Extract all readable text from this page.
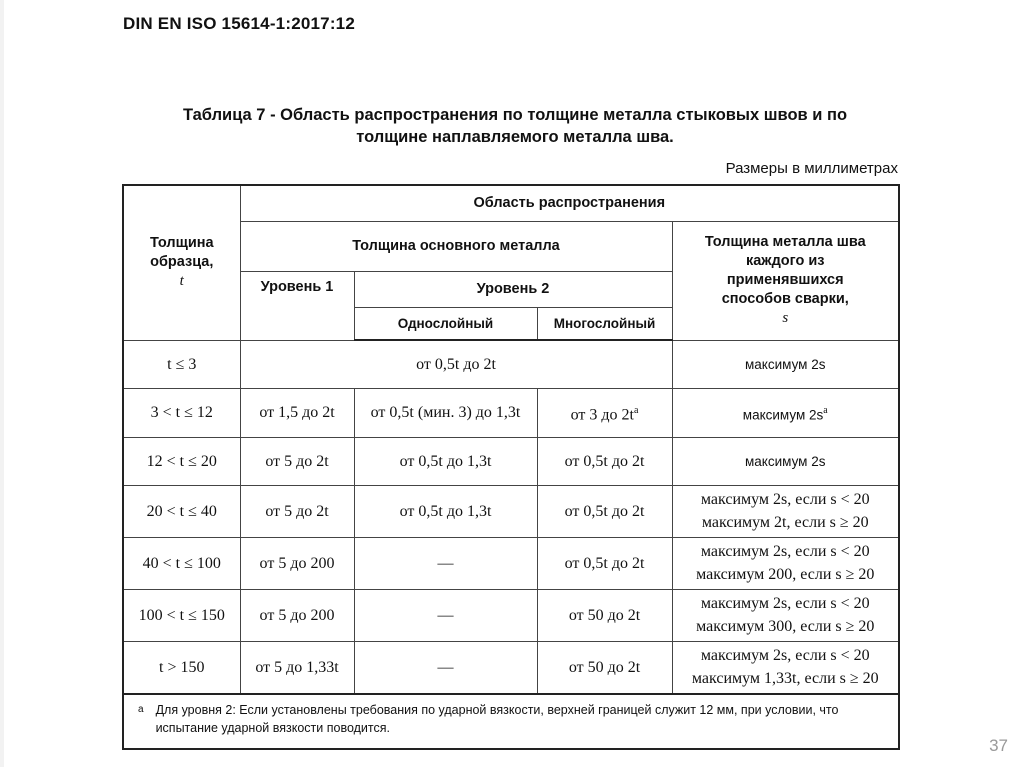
DIN EN ISO 15614-1:2017:12
Таблица 7 - Область распространения по толщине металла стыковых швов и по
толщине наплавляемого металла шва.
Размеры в миллиметрах
Толщина
образца,
t	Область распространения			
	Толщина основного металла			Толщина металла шва
каждого из
применявшихся
способов сварки,
s

	Уровень 1	Уровень 2		
		Однослойный	Многослойный	
t ≤ 3	от 0,5t до 2t			максимум 2s
3 < t ≤ 12	от 1,5 до 2t	от 0,5t (мин. 3) до 1,3t	от 3 до $2t^a$	максимум $2s^a$
12 < t ≤ 20	от 5 до 2t	от 0,5t до 1,3t	от 0,5t до 2t	максимум 2s
20 < t ≤ 40	от 5 до 2t	от 0,5t до 1,3t	от 0,5t до 2t	максимум 2s, если s < 20
максимум 2t, если s ≥ 20

40 < t ≤ 100	от 5 до 200	—	от 0,5t до 2t	максимум 2s, если s < 20
максимум 200, если s ≥ 20

100 < t ≤ 150	от 5 до 200	—	от 50 до 2t	максимум 2s, если s < 20
максимум 300, если s ≥ 20

t > 150	от 5 до 1,33t	—	от 50 до 2t	максимум 2s, если s < 20
максимум 1,33t, если s ≥ 20

$^a$ Для уровня 2: Если установлены требования по ударной вязкости, верхней границей служит 12 мм, при условии, что испытание ударной вязкости поводится.				
37
